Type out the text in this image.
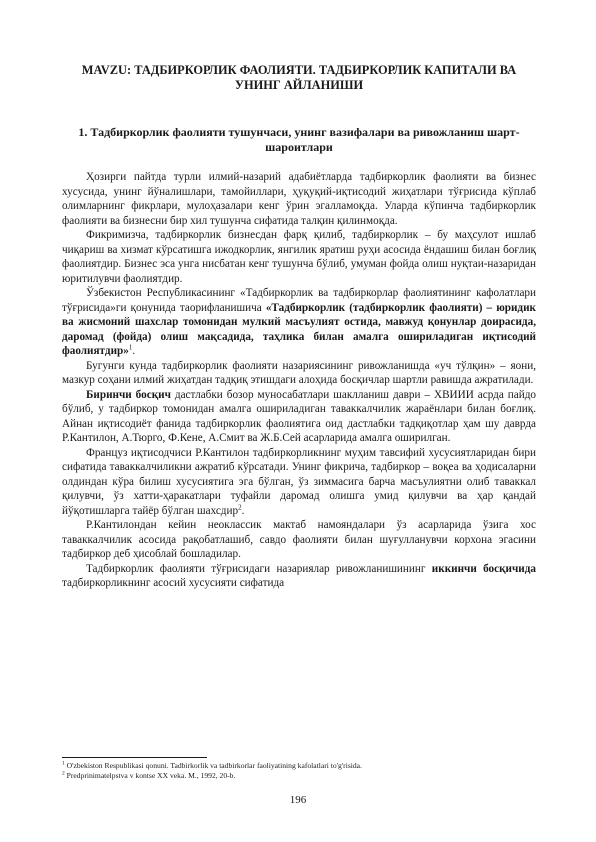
MAVZU: ТАДБИРКОРЛИК ФАОЛИЯТИ. ТАДБИРКОРЛИК КАПИТАЛИ ВА УНИНГ АЙЛАНИШИ
1. Тадбиркорлик фаолияти тушунчаси, унинг вазифалари ва ривожланиш шарт-шароитлари

Ҳозирги пайтда турли илмий-назарий адабиётларда тадбиркорлик фаолияти ва бизнес хусусида, унинг йўналишлари, тамойиллари, ҳуқуқий-иқтисодий жиҳатлари тўғрисида кўплаб олимларнинг фикрлари, мулоҳазалари кенг ўрин эгалламоқда. Уларда кўпинча тадбиркорлик фаолияти ва бизнесни бир хил тушунча сифатида талқин қилинмоқда.

Фикримизча, тадбиркорлик бизнесдан фарқ қилиб, тадбиркорлик – бу маҳсулот ишлаб чиқариш ва хизмат кўрсатишга ижодкорлик, янгилик яратиш руҳи асосида ёндашиш билан боғлиқ фаолиятдир. Бизнес эса унга нисбатан кенг тушунча бўлиб, умуман фойда олиш нуқтаи-назаридан юритилувчи фаолиятдир.

Ўзбекистон Республикасининг «Тадбиркорлик ва тадбиркорлар фаолиятининг кафолатлари тўғрисида»ги қонунида таорифланишича «Тадбиркорлик (тадбиркорлик фаолияти) – юридик ва жисмоний шахслар томонидан мулкий масъулият остида, мавжуд қонунлар доирасида, даромад (фойда) олиш мақсадида, таҳлика билан амалга ошириладиган иқтисодий фаолиятдир»$^1$.

Бугунги кунда тадбиркорлик фаолияти назариясининг ривожланишда «уч тўлқин» – яони, мазкур соҳани илмий жиҳатдан тадқиқ этишдаги алоҳида босқичлар шартли равишда ажратилади.

Биринчи босқич дастлабки бозор муносабатлари шаклланиш даври – ХВИИИ асрда пайдо бўлиб, у тадбиркор томонидан амалга ошириладиган таваккалчилик жараёнлари билан боғлиқ. Айнан иқтисодиёт фанида тадбиркорлик фаолиятига оид дастлабки тадқиқотлар ҳам шу даврда Р.Кантилон, А.Тюрго, Ф.Кенe, А.Смит ва Ж.Б.Сей асарларида амалга оширилган.

Француз иқтисодчиси Р.Кантилон тадбиркорликнинг муҳим тавсифий хусусиятларидан бири сифатида таваккалчиликни ажратиб кўрсатади. Унинг фикрича, тадбиркор – воқеа ва ҳодисаларни олдиндан кўра билиш хусусиятига эга бўлган, ўз зиммасига барча масъулиятни олиб таваккал қилувчи, ўз хатти-ҳаракатлари туфайли даромад олишга умид қилувчи ва ҳар қандай йўқотишларга тайёр бўлган шахсдир$^2$.

Р.Кантилондан кейин неоклассик мактаб намояндалари ўз асарларида ўзига хос таваккалчилик асосида рақобатлашиб, савдо фаолияти билан шуғулланувчи корхона эгасини тадбиркор деб ҳисоблай бошладилар.

Тадбиркорлик фаолияти тўғрисидаги назариялар ривожланишининг иккинчи босқичида тадбиркорликнинг асосий хусусияти сифатида

$^1$ O'zbekiston Respublikasi qonuni. Tadbirkorlik va tadbirkorlar faoliyatining kafolatlari to'g'risida.
$^2$ Predprinimatelpstva v kontse XX veka. M., 1992, 20-b.
196
